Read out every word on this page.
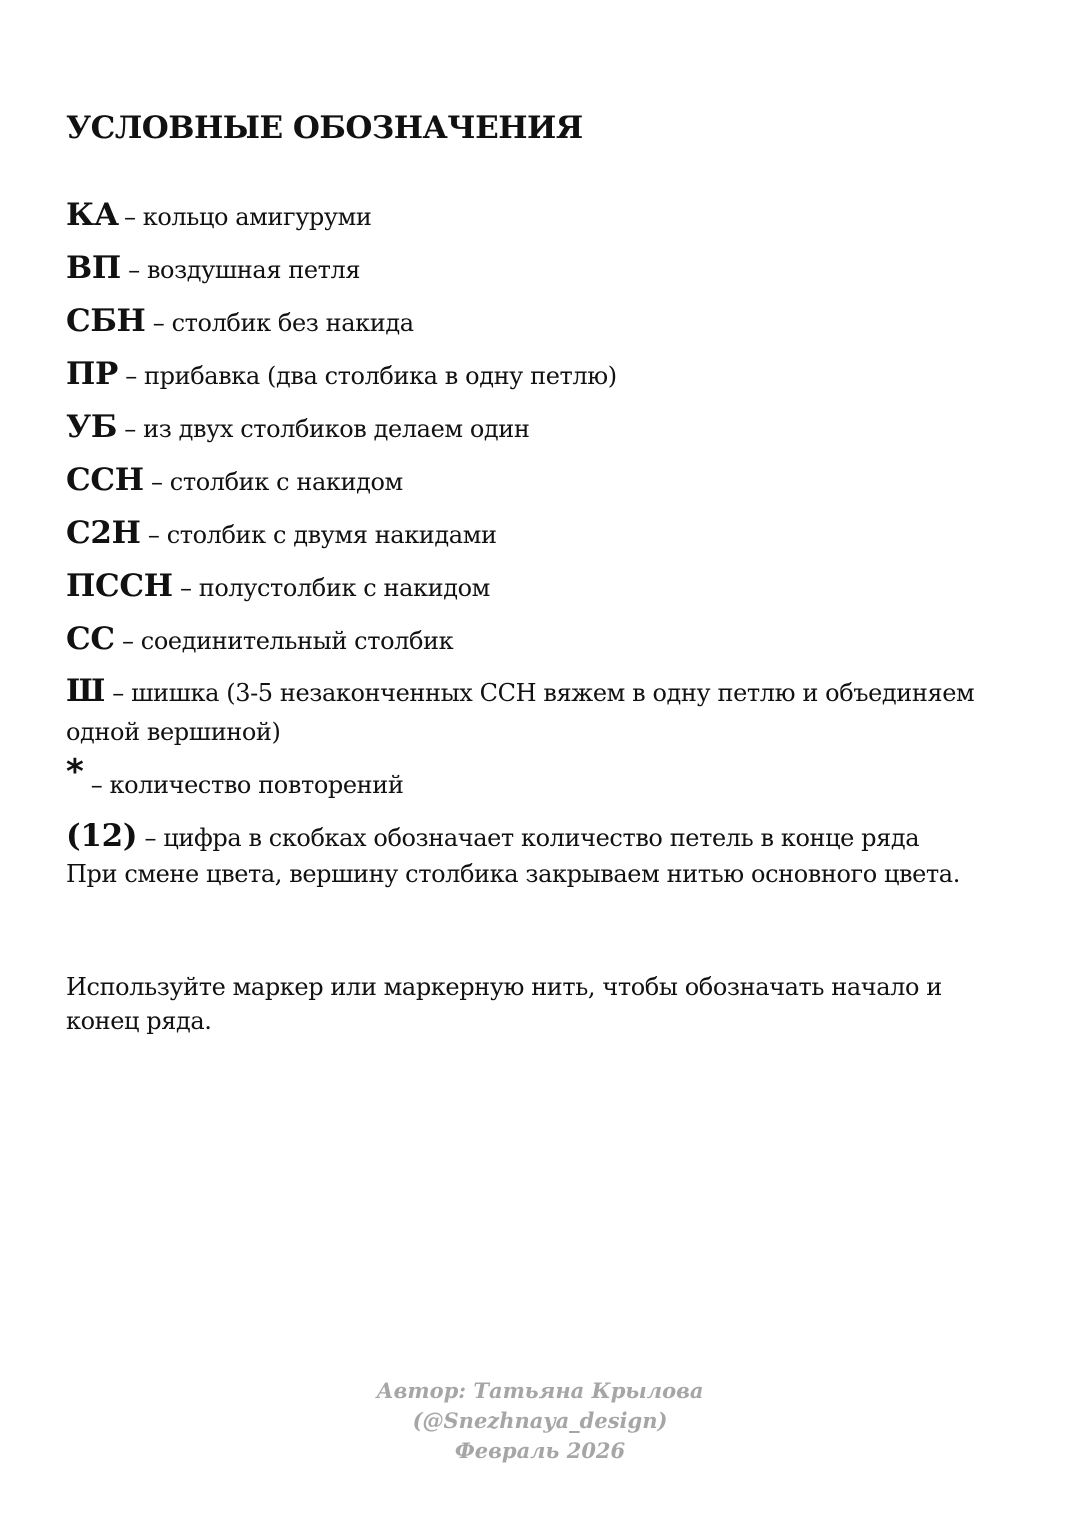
УСЛОВНЫЕ ОБОЗНАЧЕНИЯ
КА – кольцо амигуруми
ВП – воздушная петля
СБН – столбик без накида
ПР – прибавка (два столбика в одну петлю)
УБ – из двух столбиков делаем один
ССН – столбик с накидом
С2Н – столбик с двумя накидами
ПССН – полустолбик с накидом
СС – соединительный столбик
Ш – шишка (3-5 незаконченных ССН вяжем в одну петлю и объединяем одной вершиной)
* – количество повторений
(12) – цифра в скобках обозначает количество петель в конце ряда

При смене цвета, вершину столбика закрываем нитью основного цвета.

Используйте маркер или маркерную нить, чтобы обозначать начало и конец ряда.

Автор: Татьяна Крылова
(@Snezhnaya_design)
Февраль 2026
